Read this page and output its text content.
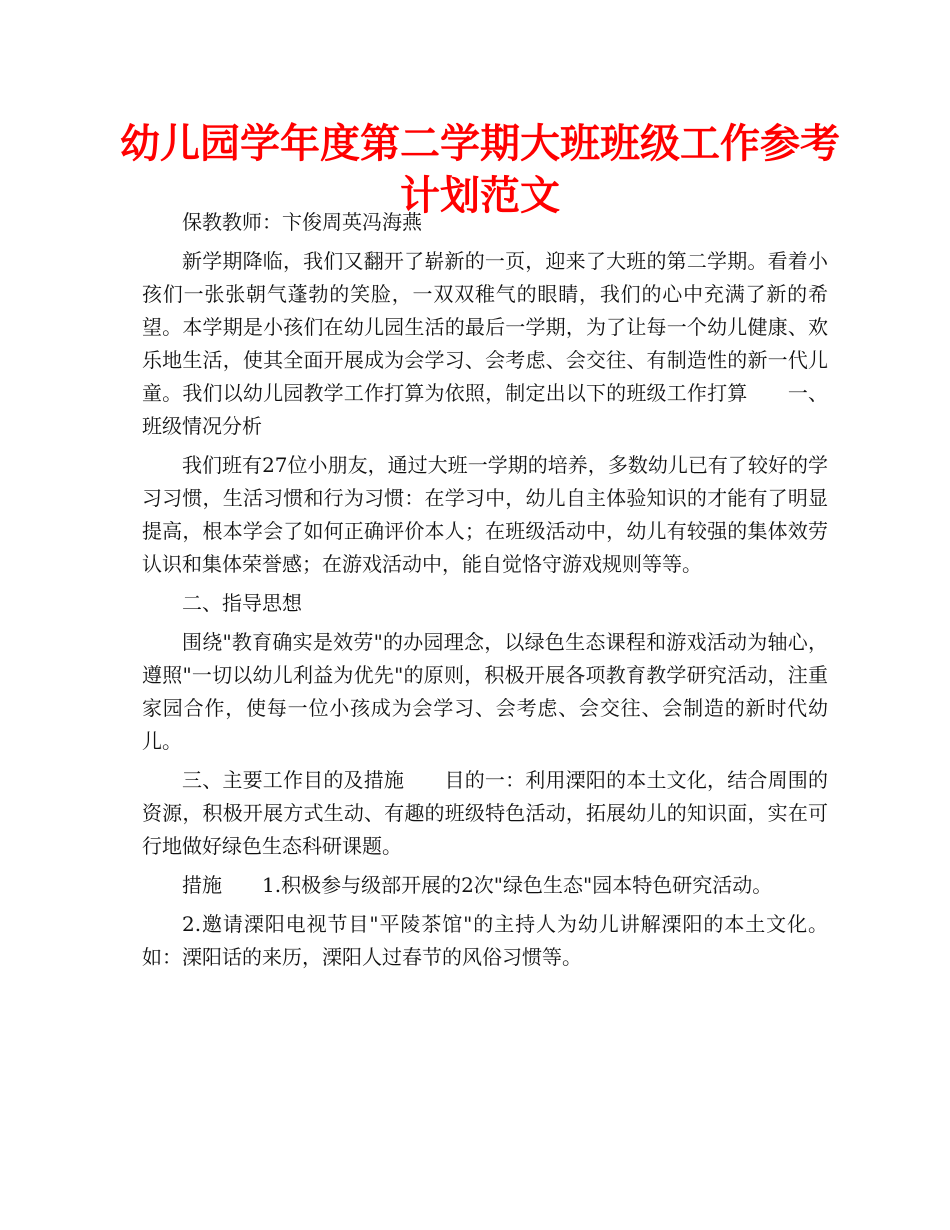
幼儿园学年度第二学期大班班级工作参考
计划范文

保教教师：卞俊周英冯海燕

新学期降临，我们又翻开了崭新的一页，迎来了大班的第二学期。看着小孩们一张张朝气蓬勃的笑脸，一双双稚气的眼睛，我们的心中充满了新的希望。本学期是小孩们在幼儿园生活的最后一学期，为了让每一个幼儿健康、欢乐地生活，使其全面开展成为会学习、会考虑、会交往、有制造性的新一代儿童。我们以幼儿园教学工作打算为依照，制定出以下的班级工作打算　　一、班级情况分析

我们班有27位小朋友，通过大班一学期的培养，多数幼儿已有了较好的学习习惯，生活习惯和行为习惯：在学习中，幼儿自主体验知识的才能有了明显提高，根本学会了如何正确评价本人；在班级活动中，幼儿有较强的集体效劳认识和集体荣誉感；在游戏活动中，能自觉恪守游戏规则等等。

二、指导思想

围绕"教育确实是效劳"的办园理念，以绿色生态课程和游戏活动为轴心，遵照"一切以幼儿利益为优先"的原则，积极开展各项教育教学研究活动，注重家园合作，使每一位小孩成为会学习、会考虑、会交往、会制造的新时代幼儿。

三、主要工作目的及措施　　目的一：利用溧阳的本土文化，结合周围的资源，积极开展方式生动、有趣的班级特色活动，拓展幼儿的知识面，实在可行地做好绿色生态科研课题。

措施　　1.积极参与级部开展的2次"绿色生态"园本特色研究活动。

2.邀请溧阳电视节目"平陵茶馆"的主持人为幼儿讲解溧阳的本土文化。如：溧阳话的来历，溧阳人过春节的风俗习惯等。
